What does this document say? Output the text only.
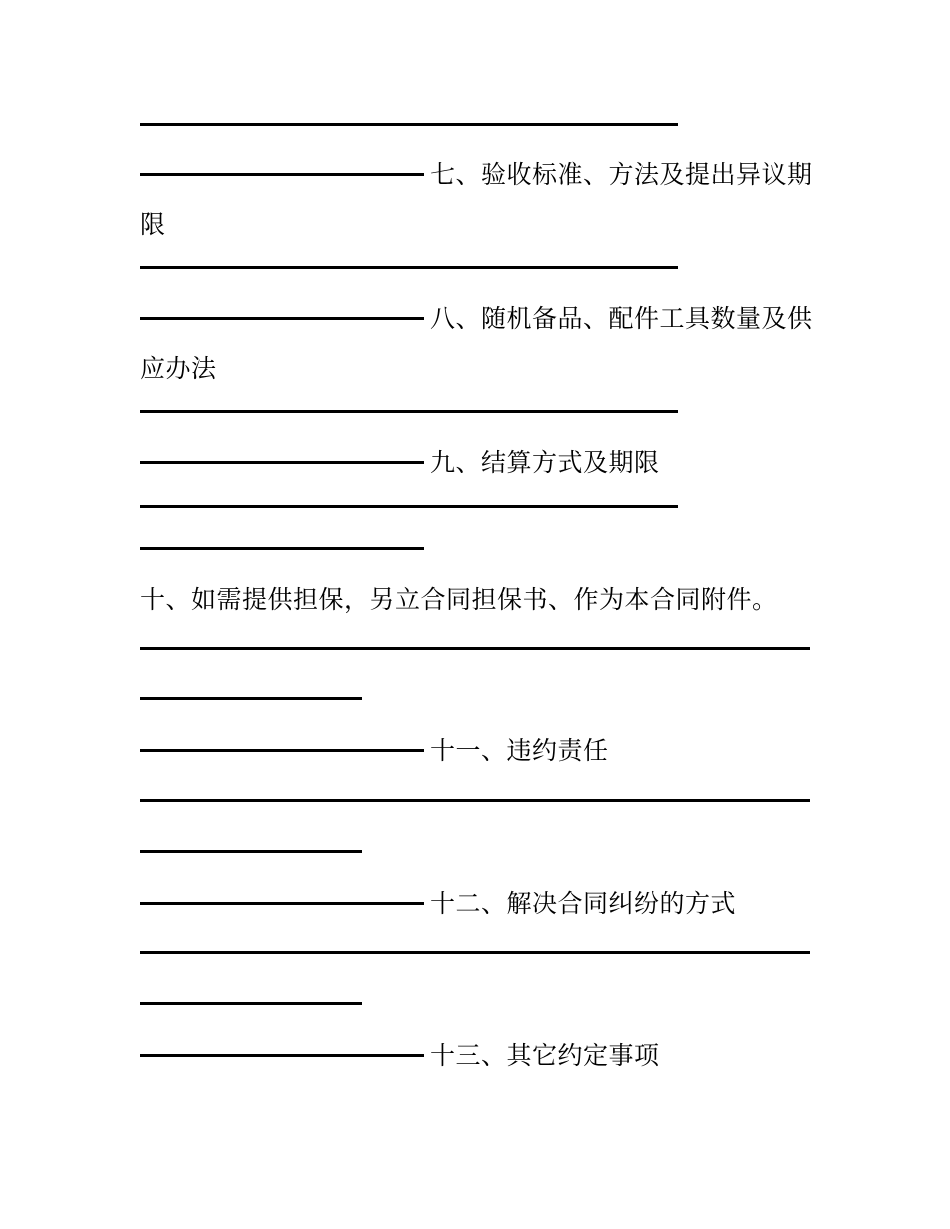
七、验收标准、方法及提出异议期
限
八、随机备品、配件工具数量及供
应办法
九、结算方式及期限
十、如需提供担保，另立合同担保书、作为本合同附件。
十一、违约责任
十二、解决合同纠纷的方式
十三、其它约定事项
